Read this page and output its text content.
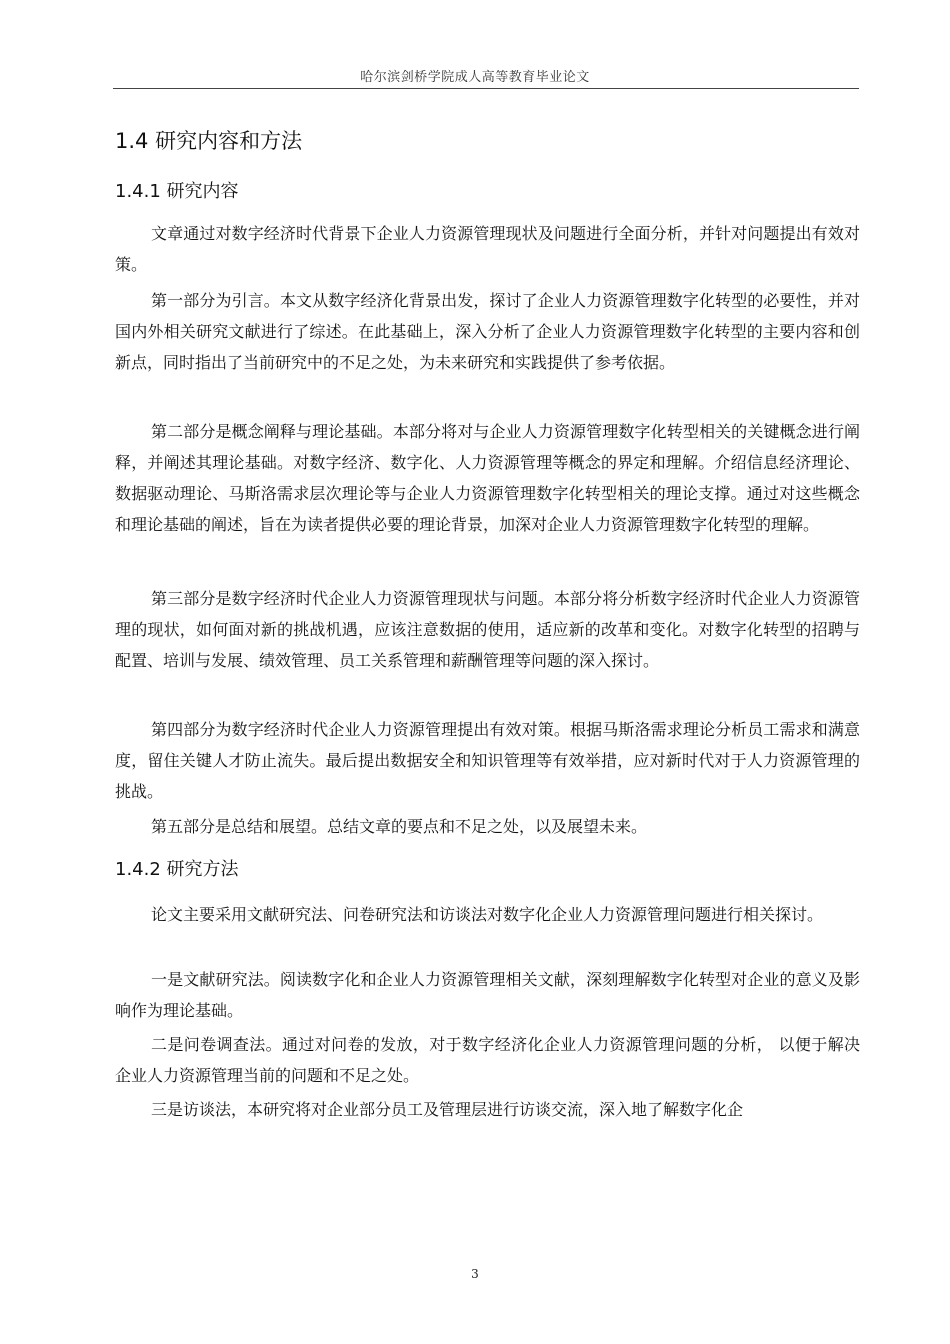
哈尔滨剑桥学院成人高等教育毕业论文
1.4 研究内容和方法
1.4.1 研究内容

文章通过对数字经济时代背景下企业人力资源管理现状及问题进行全面分析，并针对问题提出有效对策。

第一部分为引言。本文从数字经济化背景出发，探讨了企业人力资源管理数字化转型的必要性，并对国内外相关研究文献进行了综述。在此基础上，深入分析了企业人力资源管理数字化转型的主要内容和创新点，同时指出了当前研究中的不足之处，为未来研究和实践提供了参考依据。

第二部分是概念阐释与理论基础。本部分将对与企业人力资源管理数字化转型相关的关键概念进行阐释，并阐述其理论基础。对数字经济、数字化、人力资源管理等概念的界定和理解。介绍信息经济理论、数据驱动理论、马斯洛需求层次理论等与企业人力资源管理数字化转型相关的理论支撑。通过对这些概念和理论基础的阐述，旨在为读者提供必要的理论背景，加深对企业人力资源管理数字化转型的理解。

第三部分是数字经济时代企业人力资源管理现状与问题。本部分将分析数字经济时代企业人力资源管理的现状，如何面对新的挑战机遇，应该注意数据的使用，适应新的改革和变化。对数字化转型的招聘与配置、培训与发展、绩效管理、员工关系管理和薪酬管理等问题的深入探讨。

第四部分为数字经济时代企业人力资源管理提出有效对策。根据马斯洛需求理论分析员工需求和满意度，留住关键人才防止流失。最后提出数据安全和知识管理等有效举措，应对新时代对于人力资源管理的挑战。

第五部分是总结和展望。总结文章的要点和不足之处，以及展望未来。

1.4.2 研究方法

论文主要采用文献研究法、问卷研究法和访谈法对数字化企业人力资源管理问题进行相关探讨。

一是文献研究法。阅读数字化和企业人力资源管理相关文献，深刻理解数字化转型对企业的意义及影响作为理论基础。

二是问卷调查法。通过对问卷的发放，对于数字经济化企业人力资源管理问题的分析， 以便于解决企业人力资源管理当前的问题和不足之处。

三是访谈法，本研究将对企业部分员工及管理层进行访谈交流，深入地了解数字化企

3
